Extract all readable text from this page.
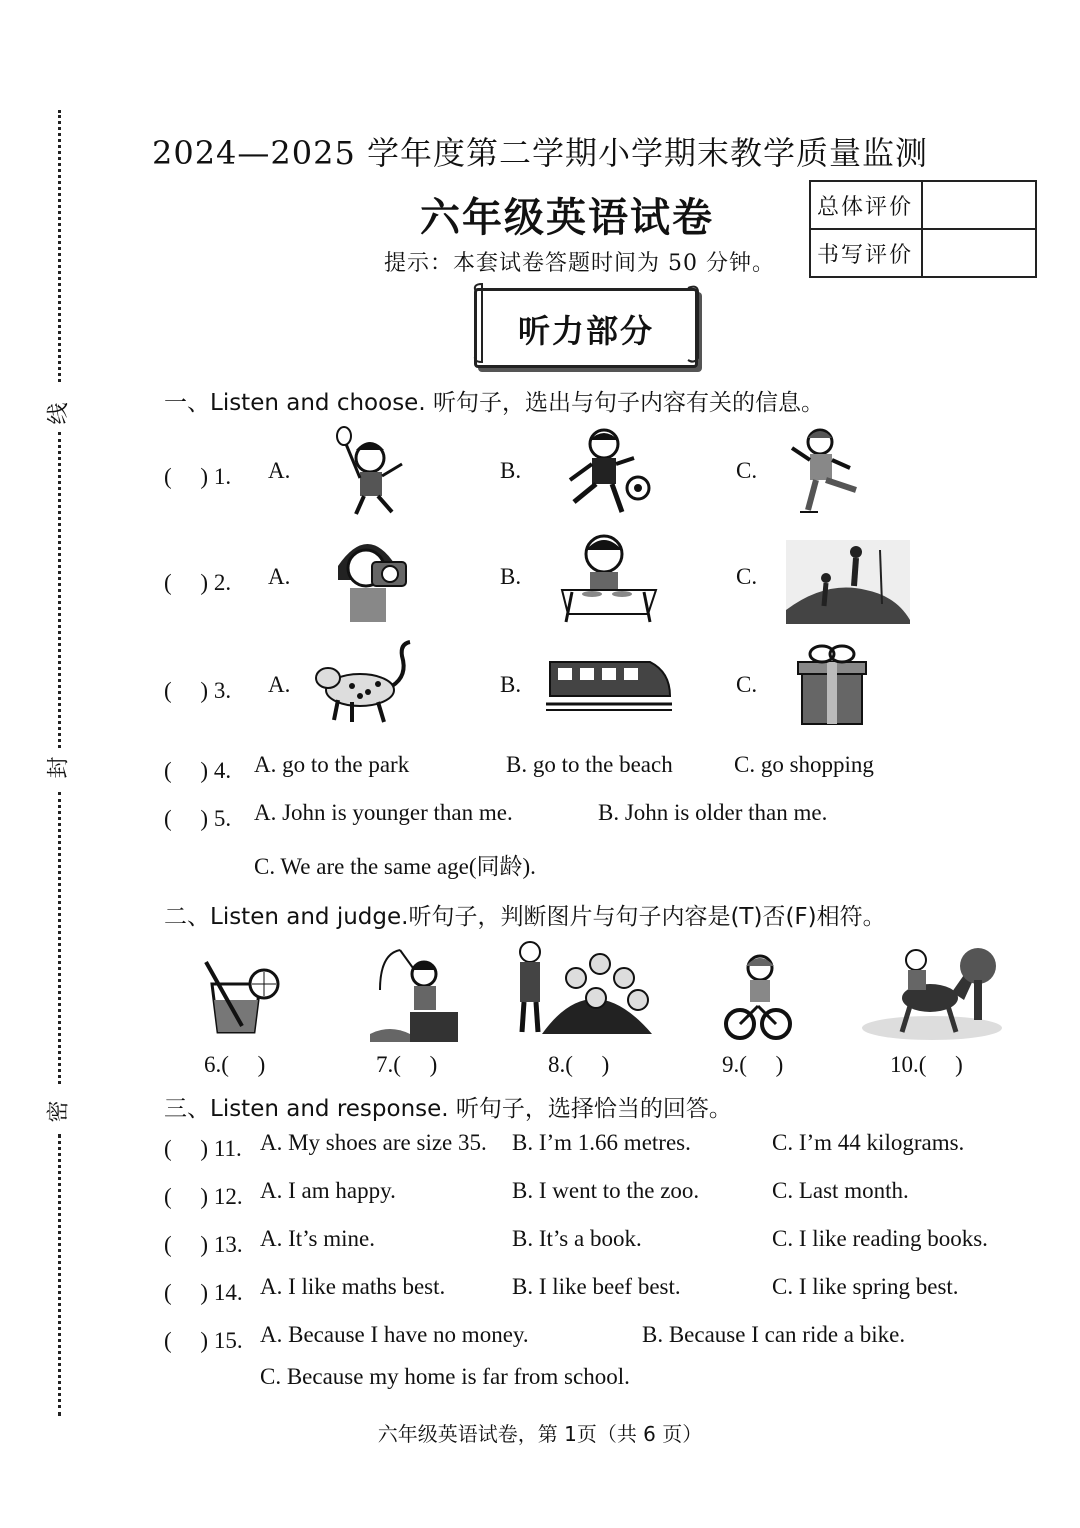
线
封
密
2024—2025 学年度第二学期小学期末教学质量监测
六年级英语试卷
提示：本套试卷答题时间为 50 分钟。
总体评价	
书写评价	
听力部分
一、Listen and choose. 听句子，选出与句子内容有关的信息。
(　 ) 1. A.	B.	C.
(　 ) 2. A.	B.	C.
(　 ) 3. A.	B.	C.
(　 ) 4. A. go to the park	B. go to the beach	C. go shopping
(　 ) 5. A. John is younger than me.	B. John is older than me.
C. We are the same age(同龄).
二、Listen and judge.听句子，判断图片与句子内容是(T)否(F)相符。
6.(　 )	7.(　 )	8.(　 )	9.(　 )	10.(　 )
三、Listen and response. 听句子，选择恰当的回答。
(　 ) 11. A. My shoes are size 35. B. I’m 1.66 metres.	C. I’m 44 kilograms.
(　 ) 12. A. I am happy.	B. I went to the zoo.	C. Last month.
(　 ) 13. A. It’s mine.	B. It’s a book.	C. I like reading books.
(　 ) 14. A. I like maths best.	B. I like beef best.	C. I like spring best.
(　 ) 15. A. Because I have no money.	B. Because I can ride a bike.
C. Because my home is far from school.
六年级英语试卷，第 1页（共 6 页）
